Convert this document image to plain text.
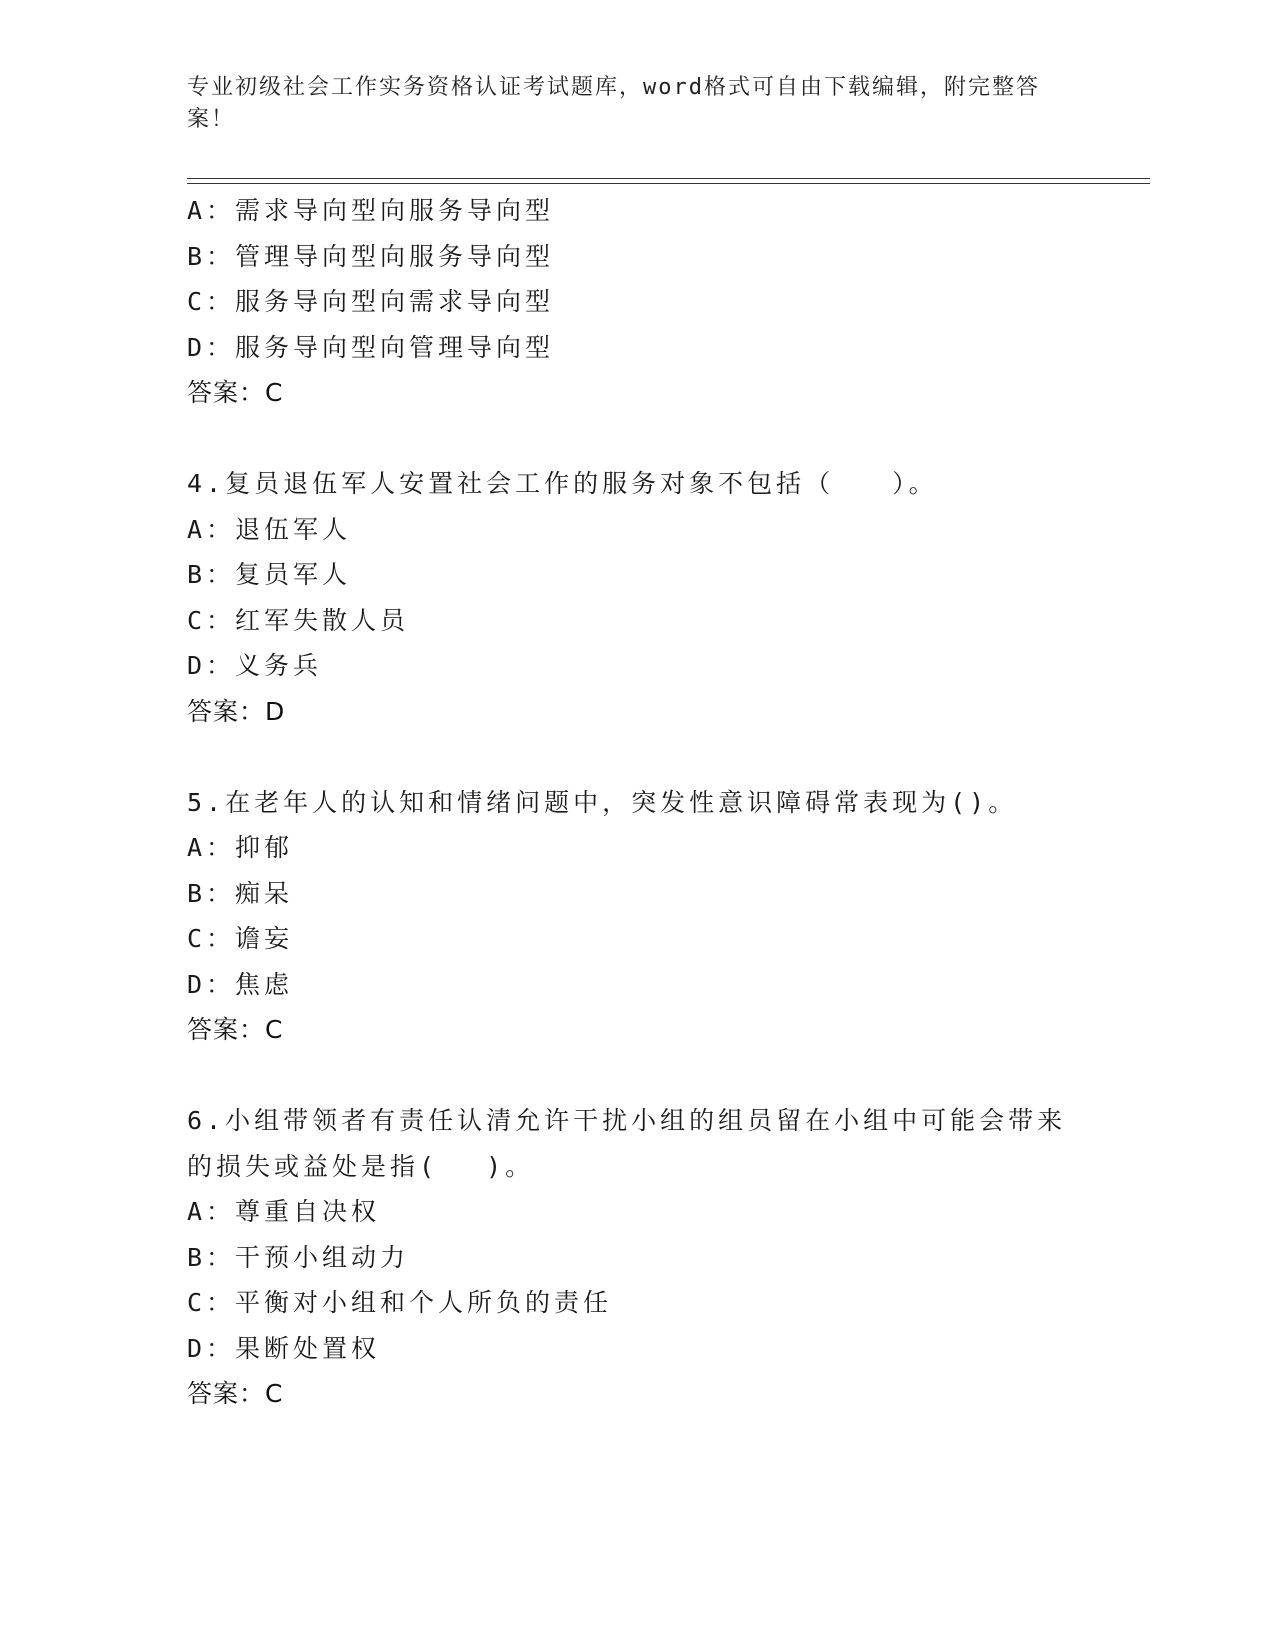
专业初级社会工作实务资格认证考试题库，word格式可自由下载编辑，附完整答案！
A：需求导向型向服务导向型
B：管理导向型向服务导向型
C：服务导向型向需求导向型
D：服务导向型向管理导向型
答案：C
4.复员退伍军人安置社会工作的服务对象不包括（　　）。
A：退伍军人
B：复员军人
C：红军失散人员
D：义务兵
答案：D
5.在老年人的认知和情绪问题中，突发性意识障碍常表现为()。
A：抑郁
B：痴呆
C：谵妄
D：焦虑
答案：C
6.小组带领者有责任认清允许干扰小组的组员留在小组中可能会带来
的损失或益处是指(　 )。
A：尊重自决权
B：干预小组动力
C：平衡对小组和个人所负的责任
D：果断处置权
答案：C
